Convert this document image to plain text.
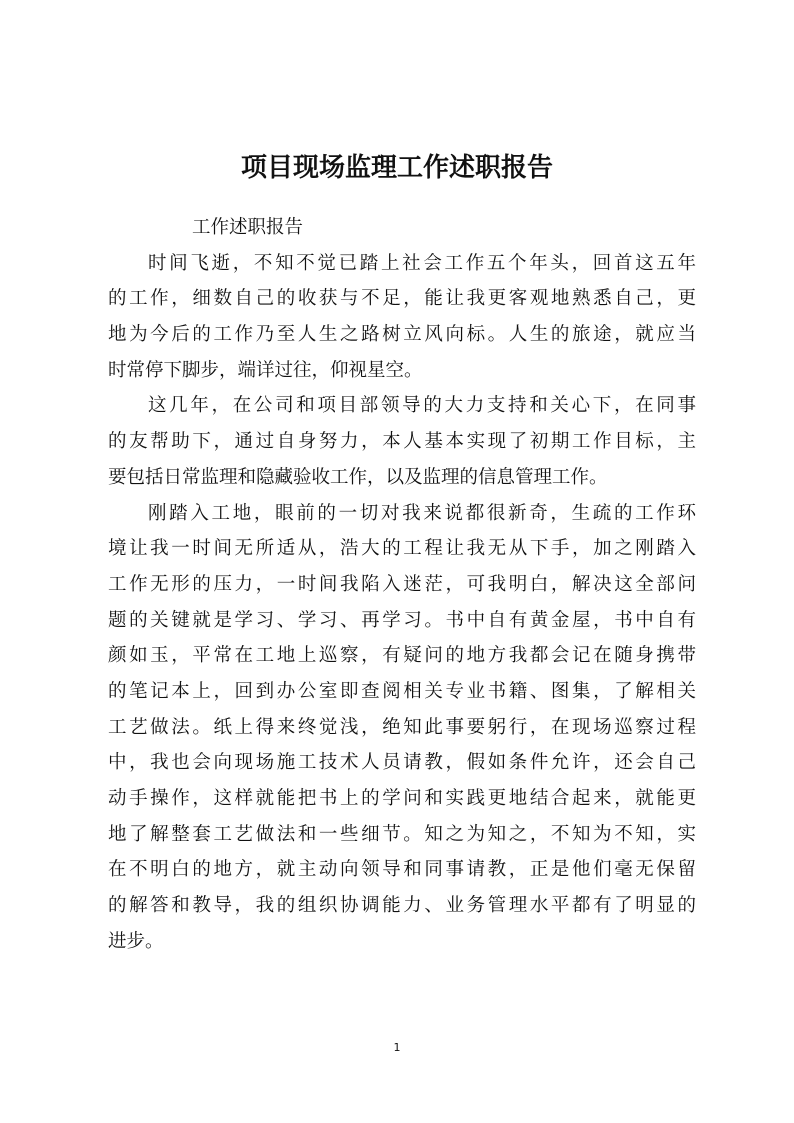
项目现场监理工作述职报告
工作述职报告
时间飞逝，不知不觉已踏上社会工作五个年头，回首这五年
的工作，细数自己的收获与不足，能让我更客观地熟悉自己，更
地为今后的工作乃至人生之路树立风向标。人生的旅途，就应当
时常停下脚步，端详过往，仰视星空。
这几年，在公司和项目部领导的大力支持和关心下，在同事
的友帮助下，通过自身努力，本人基本实现了初期工作目标，主
要包括日常监理和隐藏验收工作，以及监理的信息管理工作。
刚踏入工地，眼前的一切对我来说都很新奇，生疏的工作环
境让我一时间无所适从，浩大的工程让我无从下手，加之刚踏入
工作无形的压力，一时间我陷入迷茫，可我明白，解决这全部问
题的关键就是学习、学习、再学习。书中自有黄金屋，书中自有
颜如玉，平常在工地上巡察，有疑问的地方我都会记在随身携带
的笔记本上，回到办公室即查阅相关专业书籍、图集，了解相关
工艺做法。纸上得来终觉浅，绝知此事要躬行，在现场巡察过程
中，我也会向现场施工技术人员请教，假如条件允许，还会自己
动手操作，这样就能把书上的学问和实践更地结合起来，就能更
地了解整套工艺做法和一些细节。知之为知之，不知为不知，实
在不明白的地方，就主动向领导和同事请教，正是他们毫无保留
的解答和教导，我的组织协调能力、业务管理水平都有了明显的
进步。
1
